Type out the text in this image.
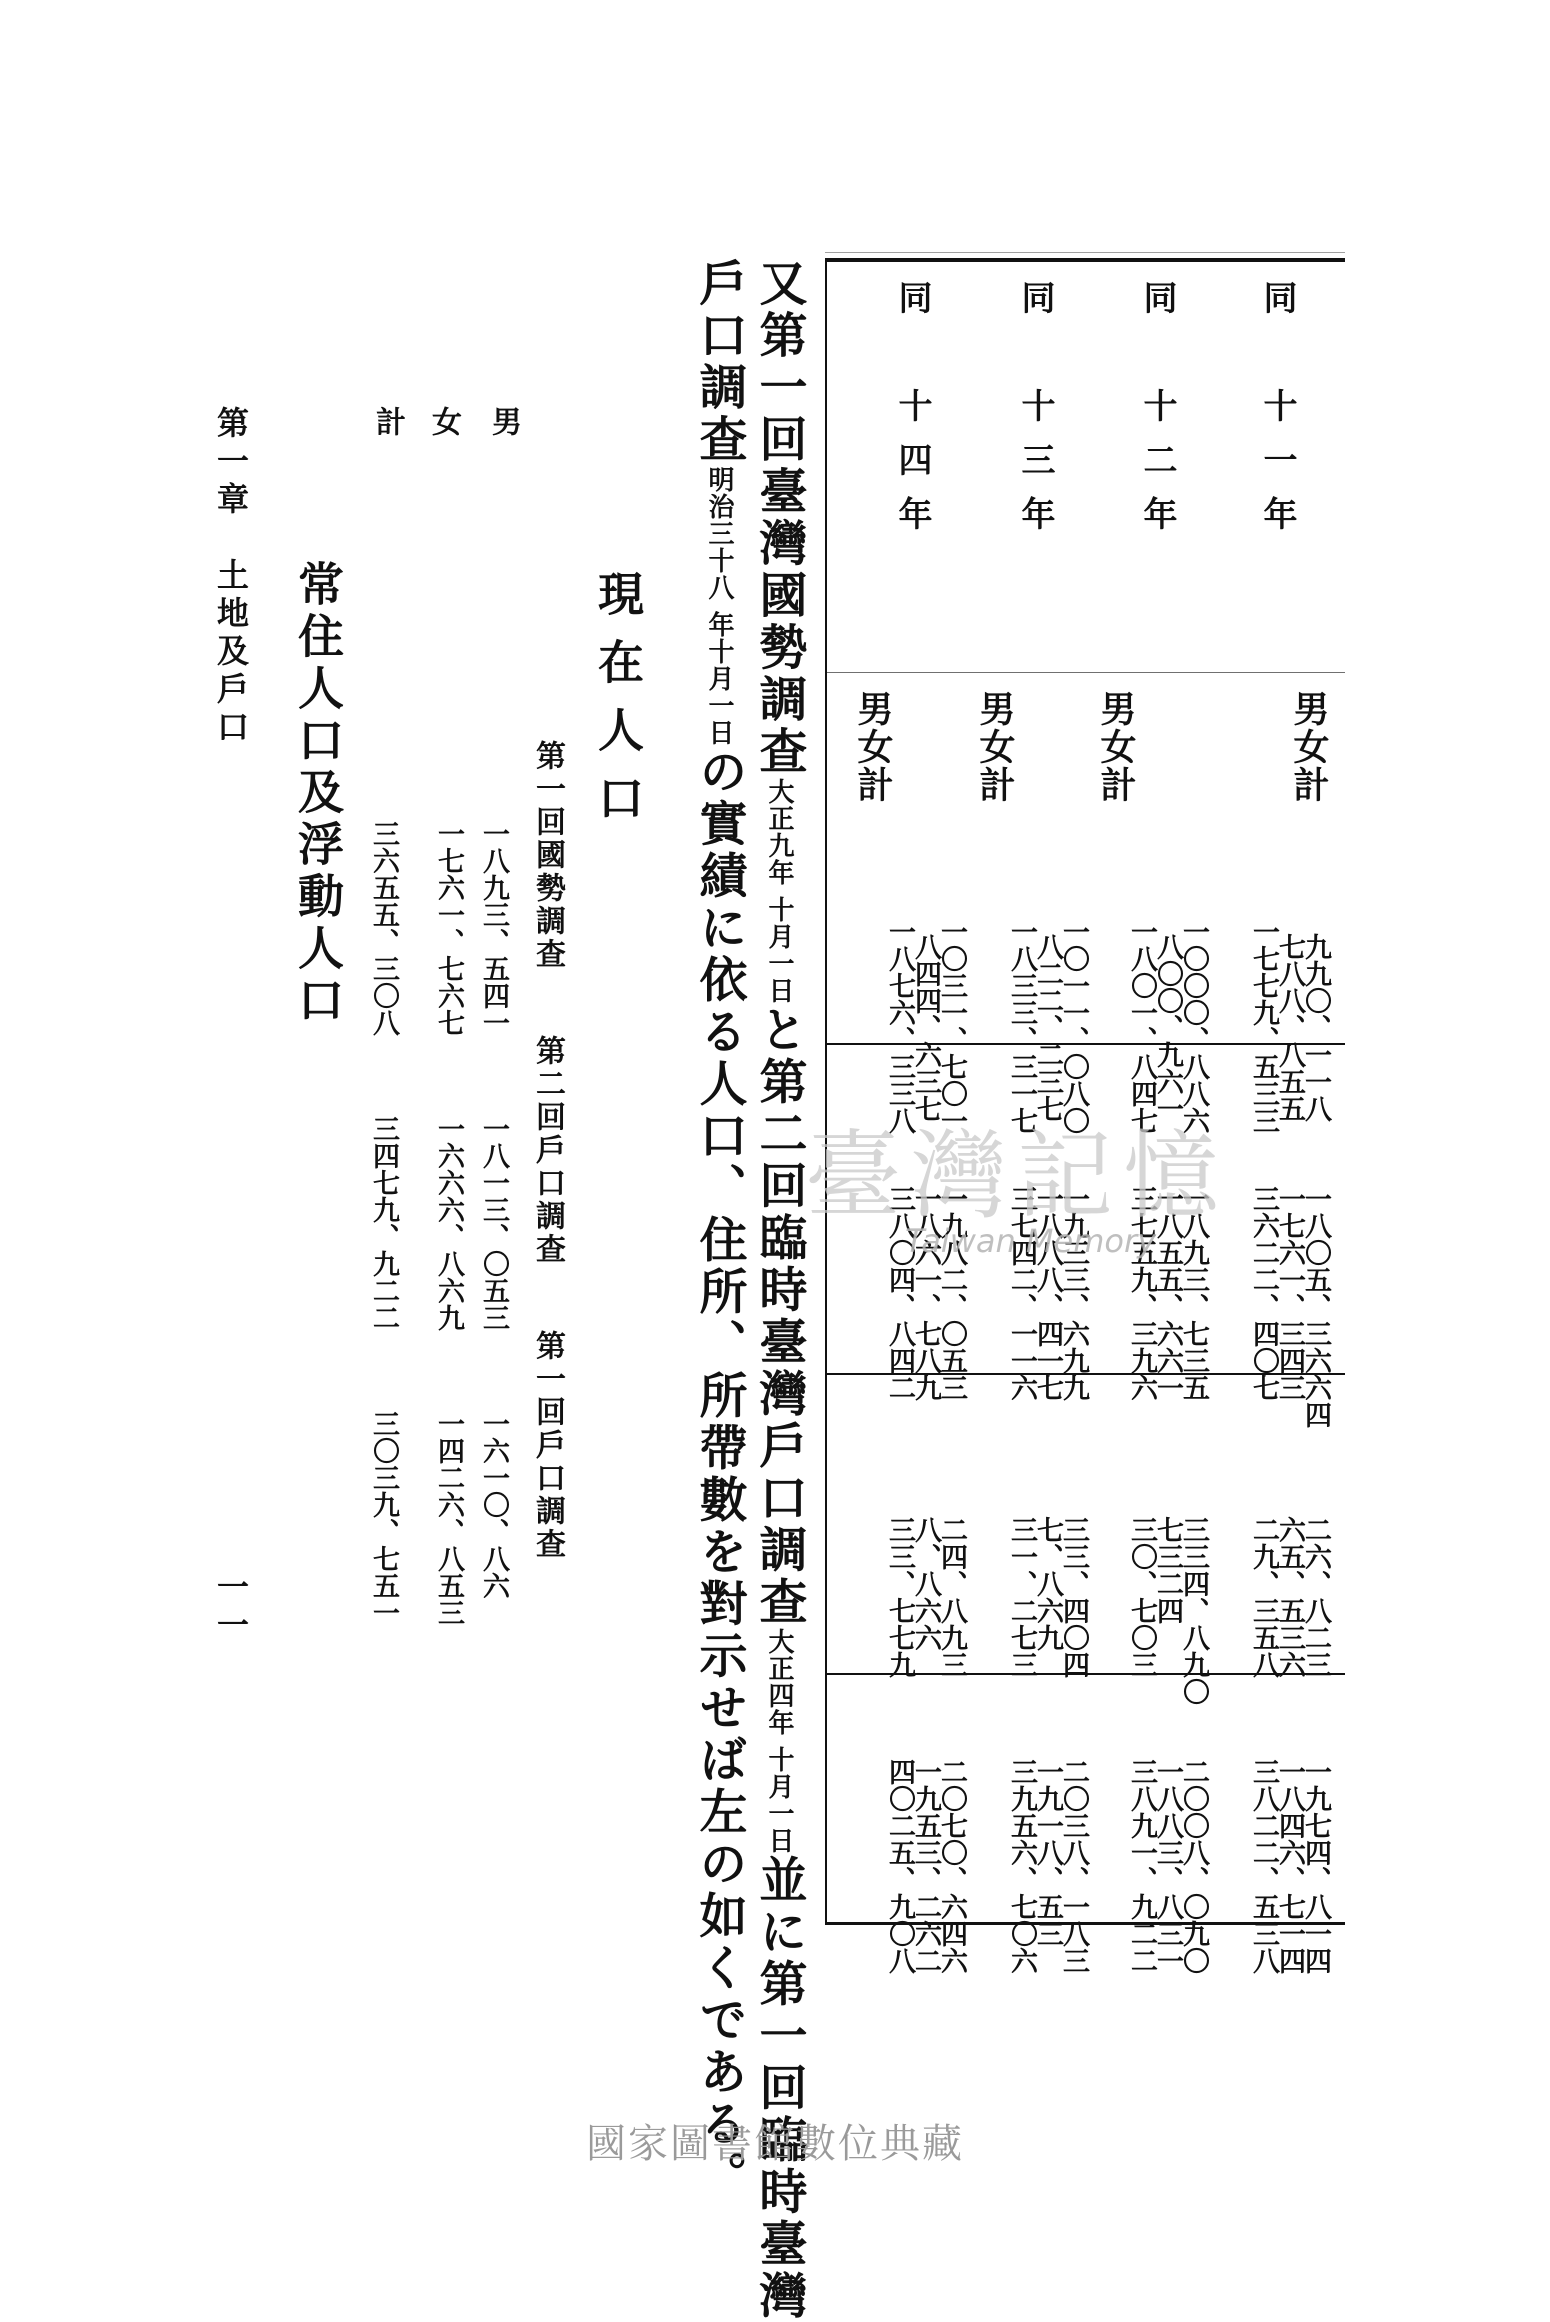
同　十一年
男女計
同　十二年
男女計
同　十三年
男女計
同　十四年
男女計
九九〇、一一八
七八八、八五五
一七七九、五三三
一〇〇〇、八八六
八〇〇、九六一
一八〇一、八四七
一〇一一、〇八〇
八二二、二三七
一八三三、三一七
一〇三一、七〇一
八四四、六三七
一八七六、三三八
一八〇五、三六六四
一七六一、三四三
三六二二、四〇七
一八九三、七三五
一八五五、六六一
三七五九、三九六
一九三三、六九九
一八八八、四一七
三七四二、一一六
一九八二、〇五三
一八六一、七八九
三八〇四、八四二
二六、八二三
六五、五三六
二九、三五八
三三四、八九〇
七三二四
三〇、七〇三
三三、四〇四
七、八六九
三一、二七三
二四、八九三
八、八六六
三三、七七九
一九七四、八一四
一八四六、七一四
三八二二、五三八
二〇〇八、〇九〇
一八八三、八三一
三八九一、九二二
二〇三八、一八三
一九一八、五三
三九五六、七〇六
二〇七〇、六四六
一九五三、二六二
四〇二五、九〇八
又第一回臺灣國勢調查大正九年 十月一日と第二回臨時臺灣戶口調查大正四年 十月一日並に第一回臨時臺灣
戶口調查明治三十八 年十月一日の實績に依る人口、住所、所帶數を對示せば左の如くである。
現在人口
第一回國勢調查
第二回戶口調查
第一回戶口調查
一八九三、五四一
一七六一、七六七
三六五五、三〇八
一八一三、〇五三
一六六六、八六九
三四七九、九二二
一六一〇、八六
一四二六、八五三
三〇三九、七五一
男
女
計
常住人口及浮動人口
第一章　土地及戶口
一一
臺灣記憶
Taiwan Memory
國家圖書館數位典藏
